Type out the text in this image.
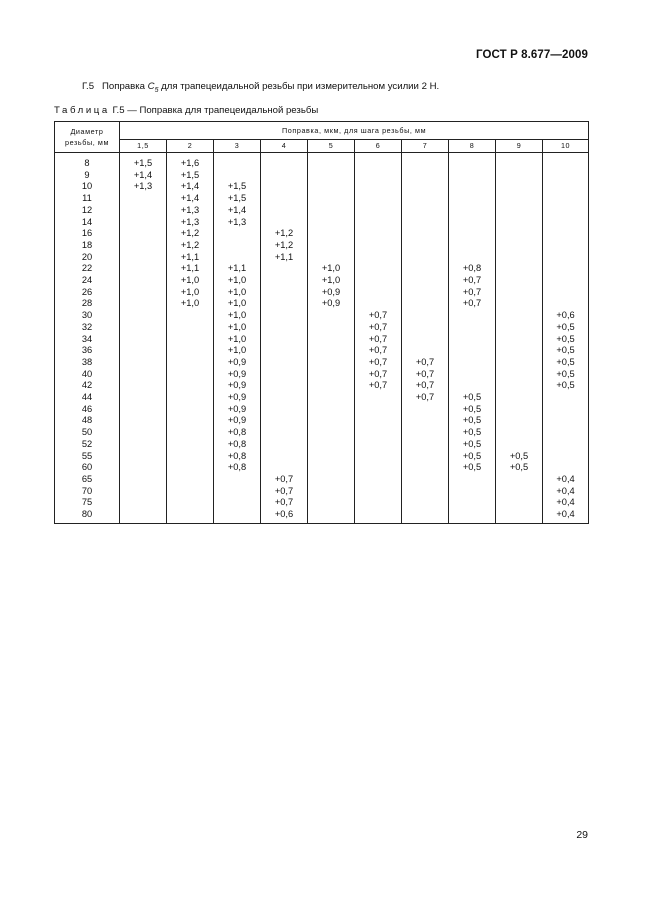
ГОСТ Р 8.677—2009
Г.5 Поправка $C_5$ для трапецеидальной резьбы при измерительном усилии 2 Н.
Таблица Г.5 — Поправка для трапецеидальной резьбы
Диаметр
резьбы, мм	Поправка, мкм, для шага резьбы, мм									
	1,5	2	3	4	5	6	7	8	9	10
8	+1,5	+1,6								
9	+1,4	+1,5								
10	+1,3	+1,4	+1,5							
11		+1,4	+1,5							
12		+1,3	+1,4							
14		+1,3	+1,3							
16		+1,2		+1,2						
18		+1,2		+1,2						
20		+1,1		+1,1						
22		+1,1	+1,1		+1,0			+0,8		
24		+1,0	+1,0		+1,0			+0,7		
26		+1,0	+1,0		+0,9			+0,7		
28		+1,0	+1,0		+0,9			+0,7		
30			+1,0			+0,7				+0,6
32			+1,0			+0,7				+0,5
34			+1,0			+0,7				+0,5
36			+1,0			+0,7				+0,5
38			+0,9			+0,7	+0,7			+0,5
40			+0,9			+0,7	+0,7			+0,5
42			+0,9			+0,7	+0,7			+0,5
44			+0,9				+0,7	+0,5		
46			+0,9					+0,5		
48			+0,9					+0,5		
50			+0,8					+0,5		
52			+0,8					+0,5		
55			+0,8					+0,5	+0,5	
60			+0,8					+0,5	+0,5	
65				+0,7						+0,4
70				+0,7						+0,4
75				+0,7						+0,4
80				+0,6						+0,4
29
